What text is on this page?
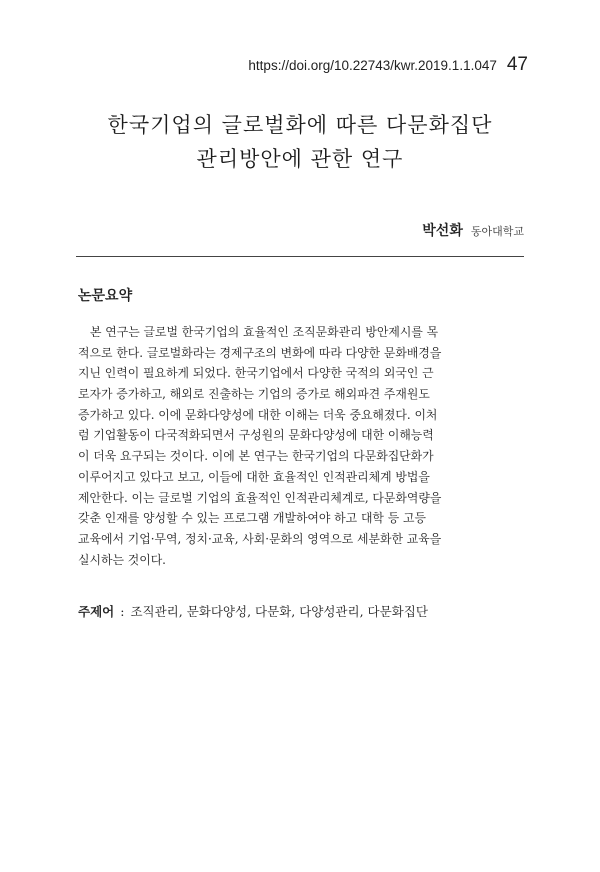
https://doi.org/10.22743/kwr.2019.1.1.047 47
한국기업의 글로벌화에 따른 다문화집단
관리방안에 관한 연구
박선화 동아대학교
논문요약
본 연구는 글로벌 한국기업의 효율적인 조직문화관리 방안제시를 목
적으로 한다. 글로벌화라는 경제구조의 변화에 따라 다양한 문화배경을
지닌 인력이 필요하게 되었다. 한국기업에서 다양한 국적의 외국인 근
로자가 증가하고, 해외로 진출하는 기업의 증가로 해외파견 주재원도
증가하고 있다. 이에 문화다양성에 대한 이해는 더욱 중요해졌다. 이처
럼 기업활동이 다국적화되면서 구성원의 문화다양성에 대한 이해능력
이 더욱 요구되는 것이다. 이에 본 연구는 한국기업의 다문화집단화가
이루어지고 있다고 보고, 이들에 대한 효율적인 인적관리체계 방법을
제안한다. 이는 글로벌 기업의 효율적인 인적관리체계로, 다문화역량을
갖춘 인재를 양성할 수 있는 프로그램 개발하여야 하고 대학 등 고등
교육에서 기업·무역, 정치·교육, 사회·문화의 영역으로 세분화한 교육을
실시하는 것이다.
주제어 : 조직관리, 문화다양성, 다문화, 다양성관리, 다문화집단
